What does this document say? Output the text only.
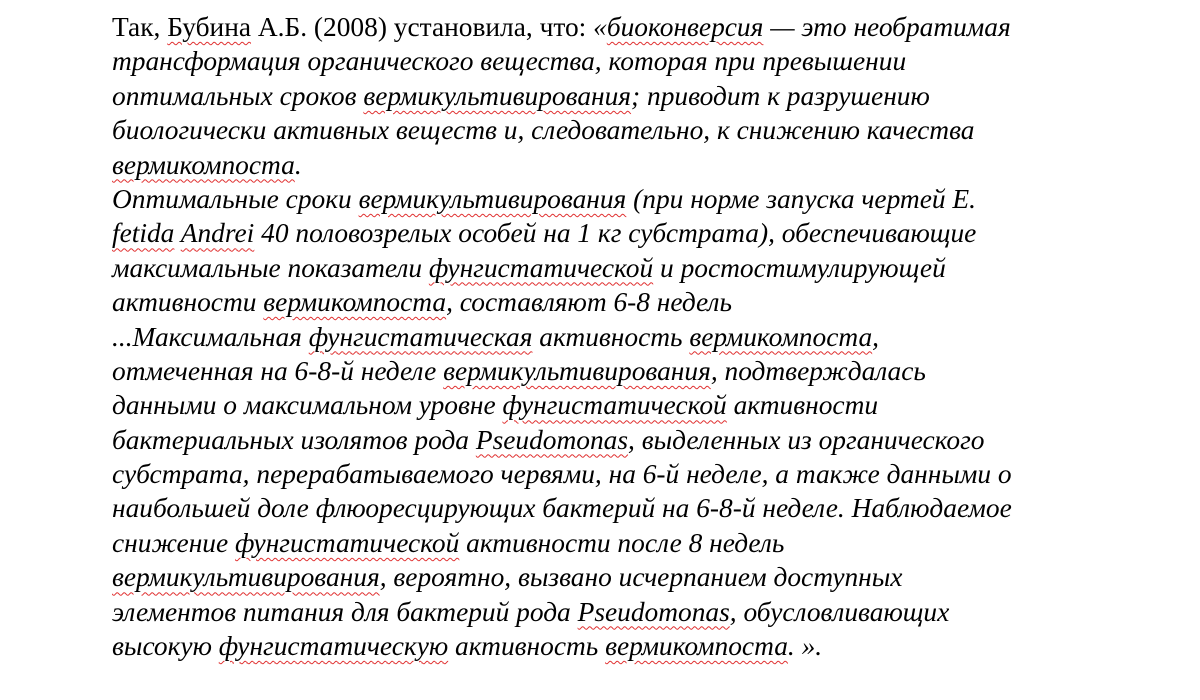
Так, Бубина А.Б. (2008) установила, что: «биоконверсия — это необратимая
трансформация органического вещества, которая при превышении
оптимальных сроков вермикультивирования; приводит к разрушению
биологически активных веществ и, следовательно, к снижению качества
вермикомпоста.
Оптимальные сроки вермикультивирования (при норме запуска чертей E.
fetida Andrei 40 половозрелых особей на 1 кг субстрата), обеспечивающие
максимальные показатели фунгистатической и ростостимулирующей
активности вермикомпоста, составляют 6-8 недель
...Максимальная фунгистатическая активность вермикомпоста,
отмеченная на 6-8-й неделе вермикультивирования, подтверждалась
данными о максимальном уровне фунгистатической активности
бактериальных изолятов рода Pseudomonas, выделенных из органического
субстрата, перерабатываемого червями, на 6-й неделе, а также данными о
наибольшей доле флюоресцирующих бактерий на 6-8-й неделе. Наблюдаемое
снижение фунгистатической активности после 8 недель
вермикультивирования, вероятно, вызвано исчерпанием доступных
элементов питания для бактерий рода Pseudomonas, обусловливающих
высокую фунгистатическую активность вермикомпоста. ».
